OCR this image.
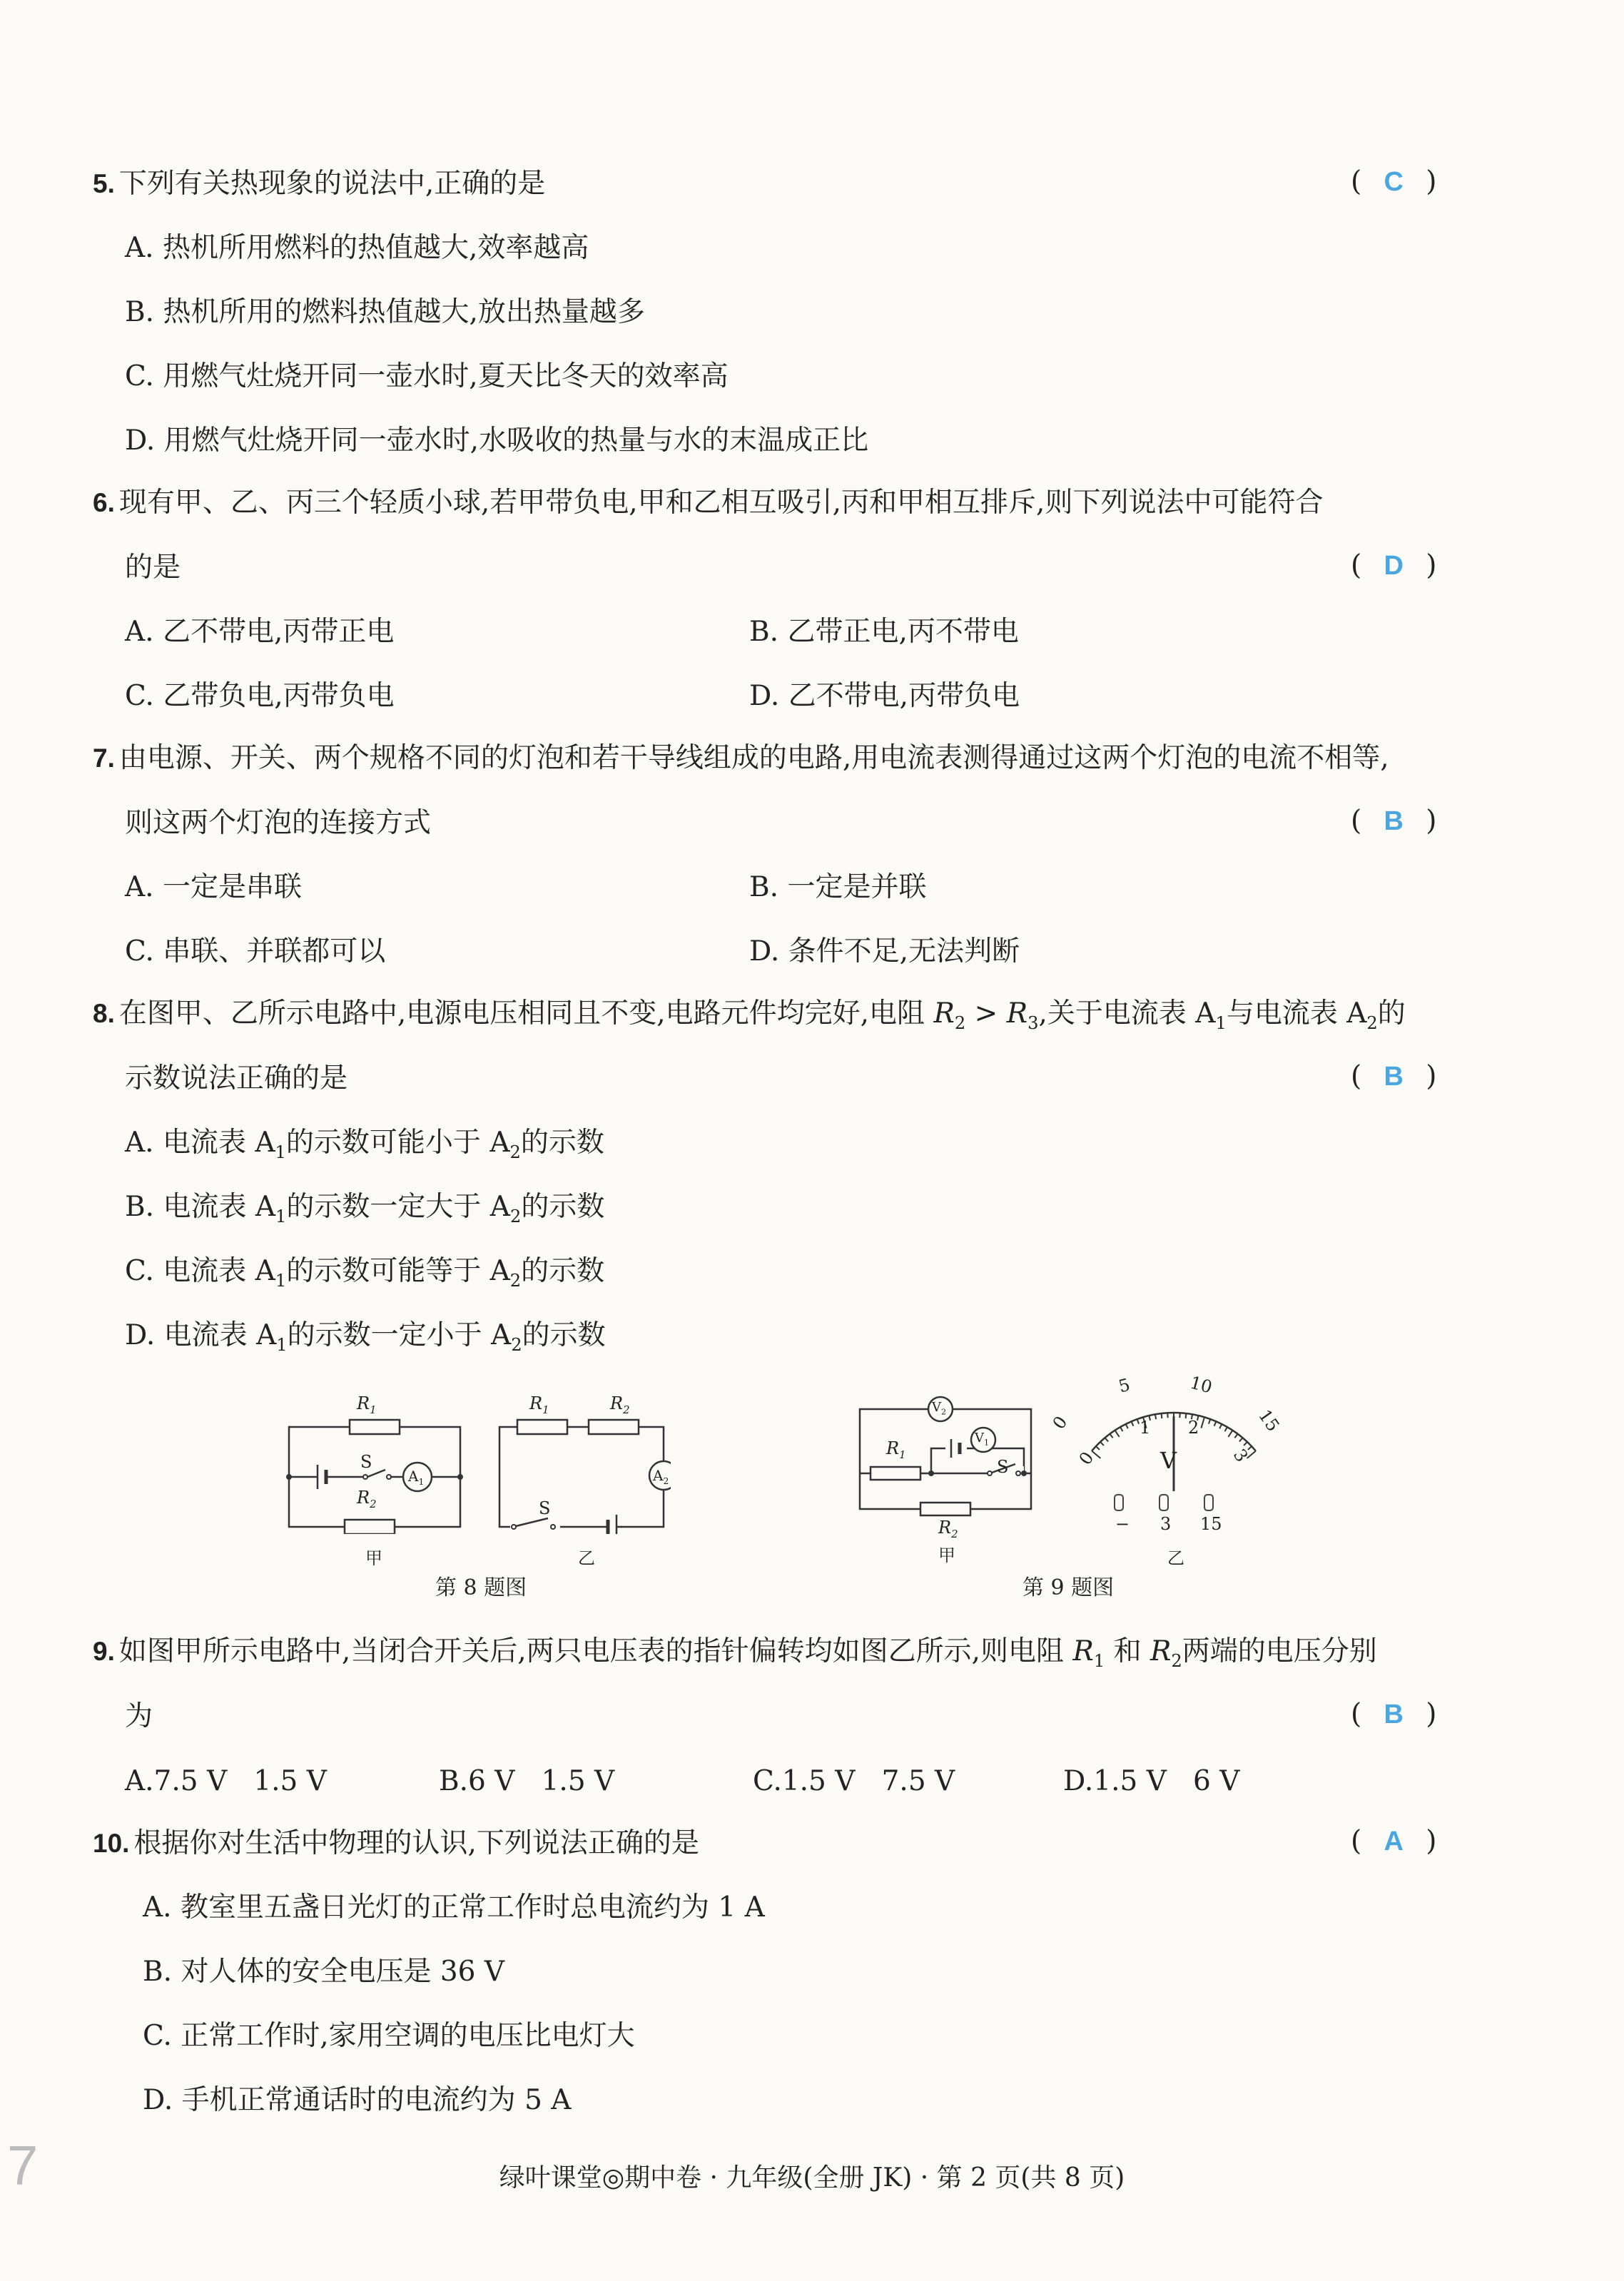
5. 下列有关热现象的说法中,正确的是	( C )
A. 热机所用燃料的热值越大,效率越高
B. 热机所用的燃料热值越大,放出热量越多
C. 用燃气灶烧开同一壶水时,夏天比冬天的效率高
D. 用燃气灶烧开同一壶水时,水吸收的热量与水的末温成正比
6. 现有甲、乙、丙三个轻质小球,若甲带负电,甲和乙相互吸引,丙和甲相互排斥,则下列说法中可能符合
的是	( D )
A. 乙不带电,丙带正电	B. 乙带正电,丙不带电
C. 乙带负电,丙带负电	D. 乙不带电,丙带负电
7. 由电源、开关、两个规格不同的灯泡和若干导线组成的电路,用电流表测得通过这两个灯泡的电流不相等,
则这两个灯泡的连接方式	( B )
A. 一定是串联	B. 一定是并联
C. 串联、并联都可以	D. 条件不足,无法判断
8. 在图甲、乙所示电路中,电源电压相同且不变,电路元件均完好,电阻 $R_2 > R_3$,关于电流表 $A_1$与电流表 $A_2$的
示数说法正确的是	( B )
A. 电流表 $A_1$的示数可能小于 $A_2$的示数
B. 电流表 $A_1$的示数一定大于 $A_2$的示数
C. 电流表 $A_1$的示数可能等于 $A_2$的示数
D. 电流表 $A_1$的示数一定小于 $A_2$的示数
$R_1$
$R_2$
S
$A_1$
甲
$R_1$	$R_2$
$A_2$
S
乙
第 8 题图
$V_2$
$V_1$
$R_1$
S
$R_2$
甲
0
5	10
15
0
1 2
3
V
− 3 15
乙
第 9 题图
9. 如图甲所示电路中,当闭合开关后,两只电压表的指针偏转均如图乙所示,则电阻 $R_1$ 和 $R_2$两端的电压分别
为	( B )
A.7.5 V   1.5 V	B.6 V   1.5 V	C.1.5 V   7.5 V	D.1.5 V   6 V
10. 根据你对生活中物理的认识,下列说法正确的是	( A )
A. 教室里五盏日光灯的正常工作时总电流约为 1 A
B. 对人体的安全电压是 36 V
C. 正常工作时,家用空调的电压比电灯大
D. 手机正常通话时的电流约为 5 A
7	绿叶课堂◎期中卷 · 九年级(全册 JK) · 第 2 页(共 8 页)
